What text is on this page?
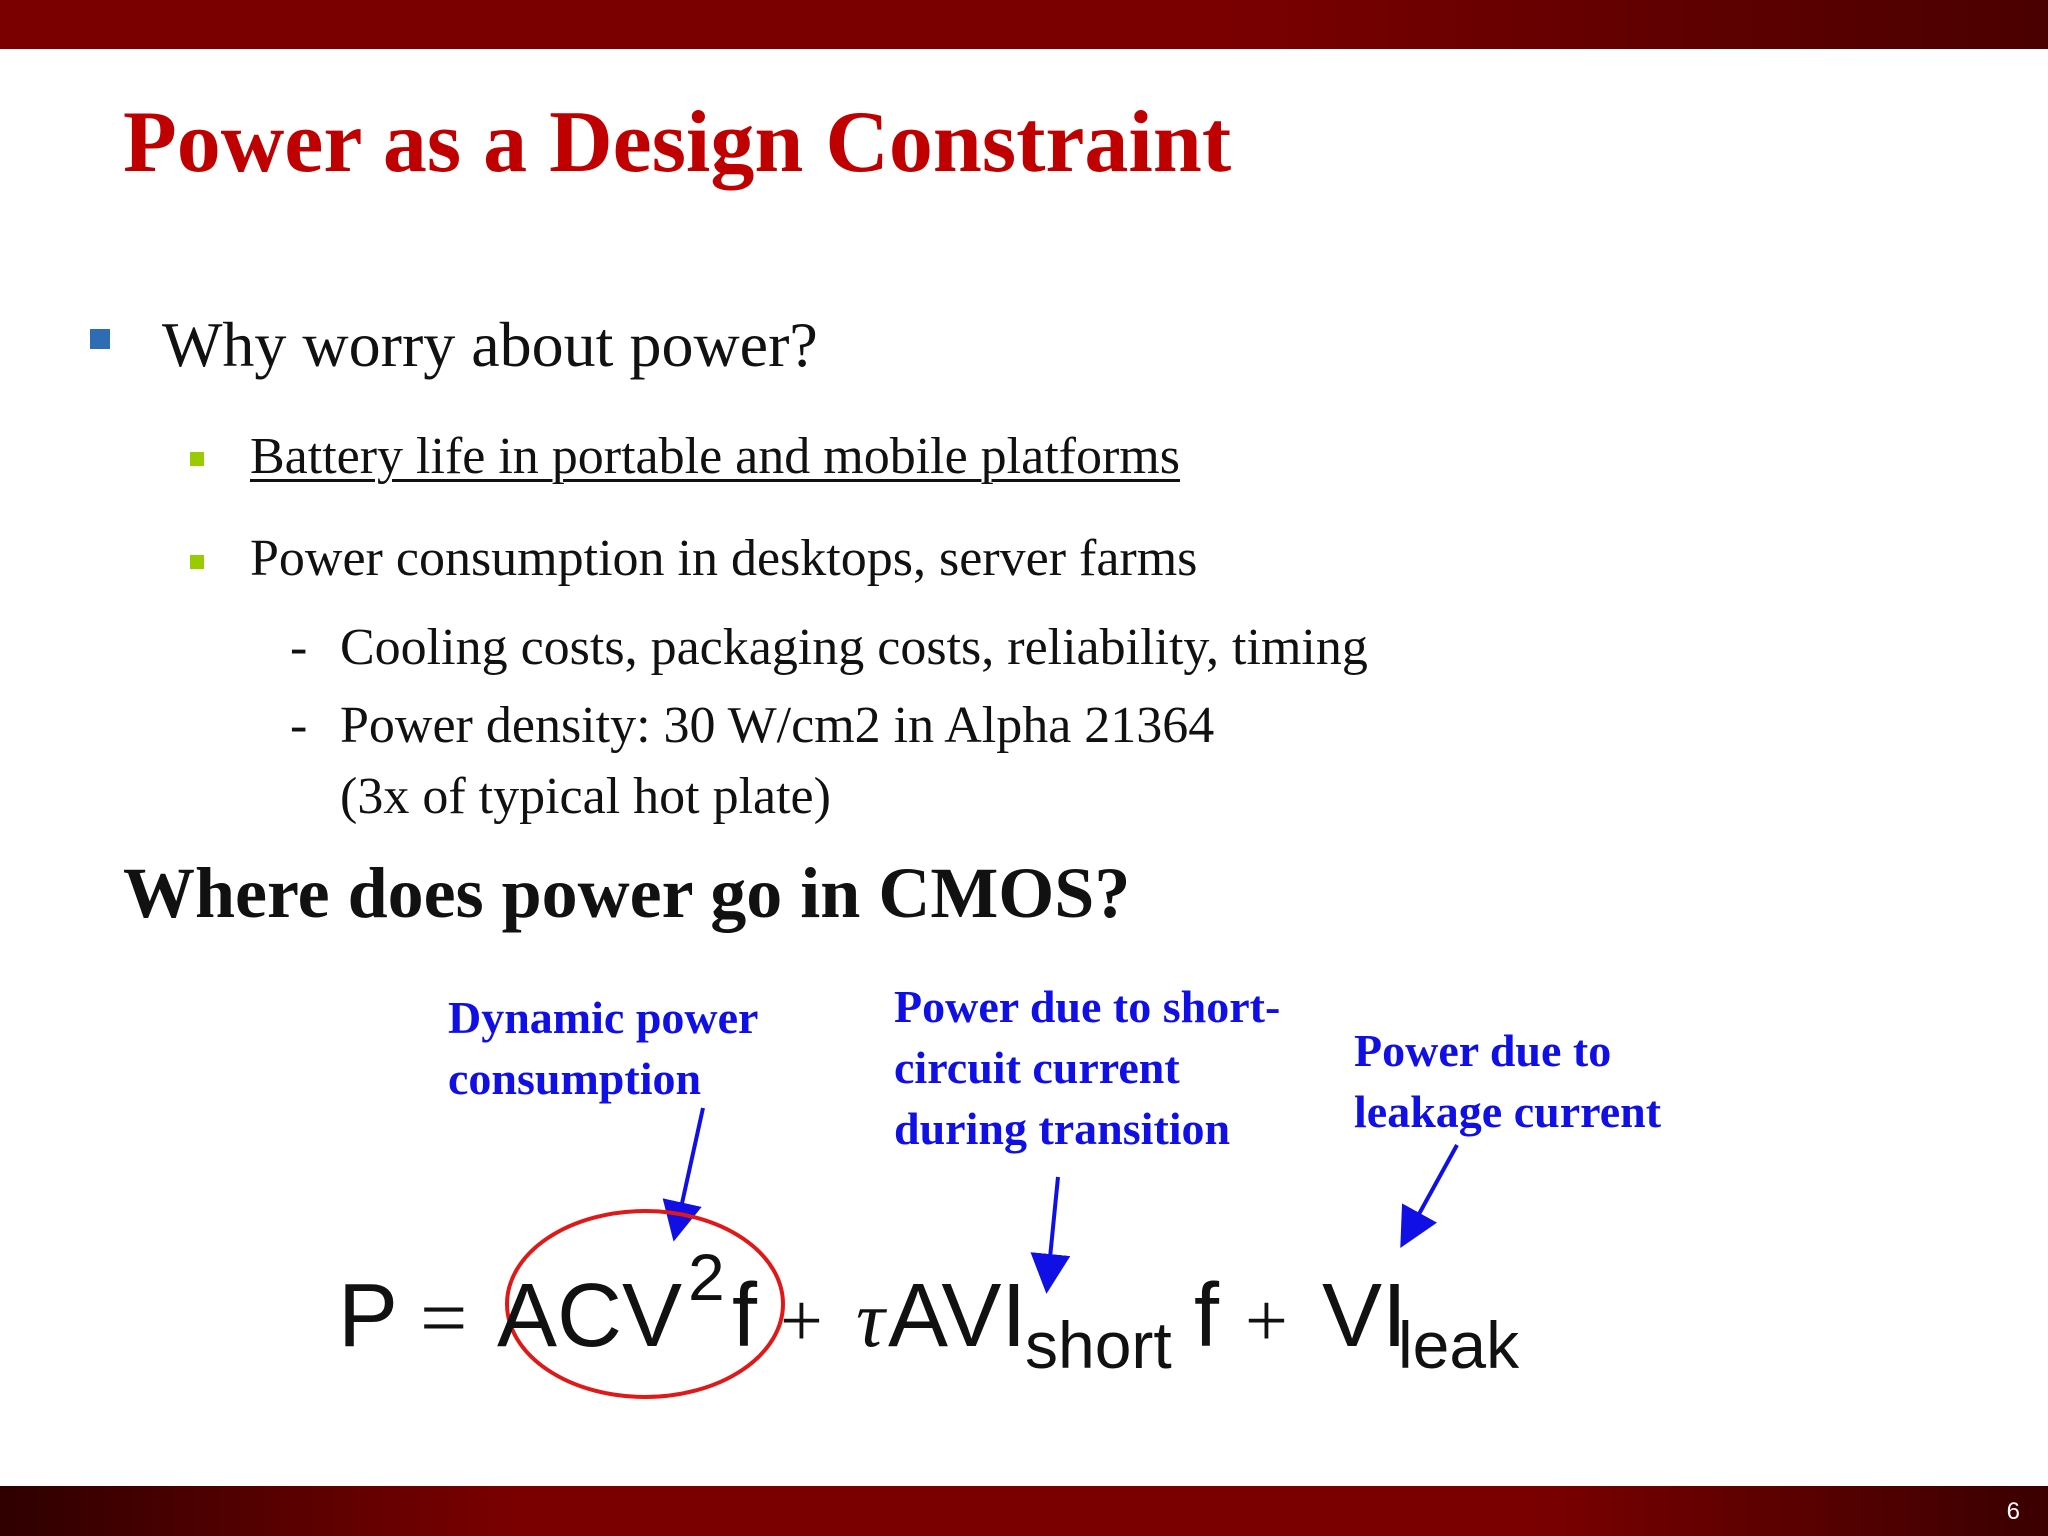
Power as a Design Constraint
Why worry about power?
Battery life in portable and mobile platforms
Power consumption in desktops, server farms
- Cooling costs, packaging costs, reliability, timing
- Power density: 30 W/cm2 in Alpha 21364
(3x of typical hot plate)
Where does power go in CMOS?
Dynamic power
consumption
Power due to short-
circuit current
during transition
Power due to
leakage current
P = ACV 2 f + τ AVI
short f + VI
leak
6
